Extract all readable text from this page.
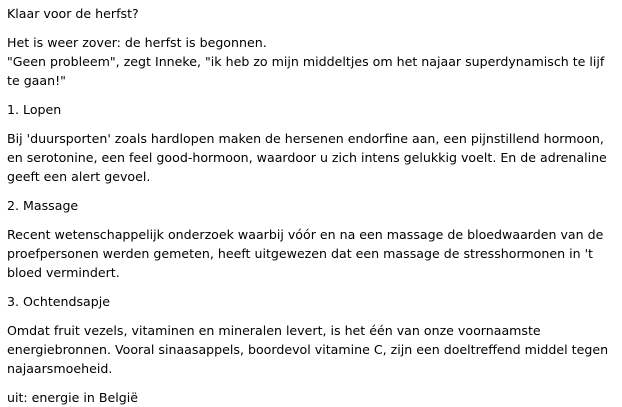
Klaar voor de herfst?

Het is weer zover: de herfst is begonnen.

"Geen probleem", zegt Inneke, "ik heb zo mijn middeltjes om het najaar superdynamisch te lijf te gaan!"

1. Lopen

Bij 'duursporten' zoals hardlopen maken de hersenen endorfine aan, een pijnstillend hormoon, en serotonine, een feel good-hormoon, waardoor u zich intens gelukkig voelt. En de adrenaline geeft een alert gevoel.

2. Massage

Recent wetenschappelijk onderzoek waarbij vóór en na een massage de bloedwaarden van de proefpersonen werden gemeten, heeft uitgewezen dat een massage de stresshormonen in 't bloed vermindert.

3. Ochtendsapje

Omdat fruit vezels, vitaminen en mineralen levert, is het één van onze voornaamste energiebronnen. Vooral sinaasappels, boordevol vitamine C, zijn een doeltreffend middel tegen najaarsmoeheid.

uit: energie in België
